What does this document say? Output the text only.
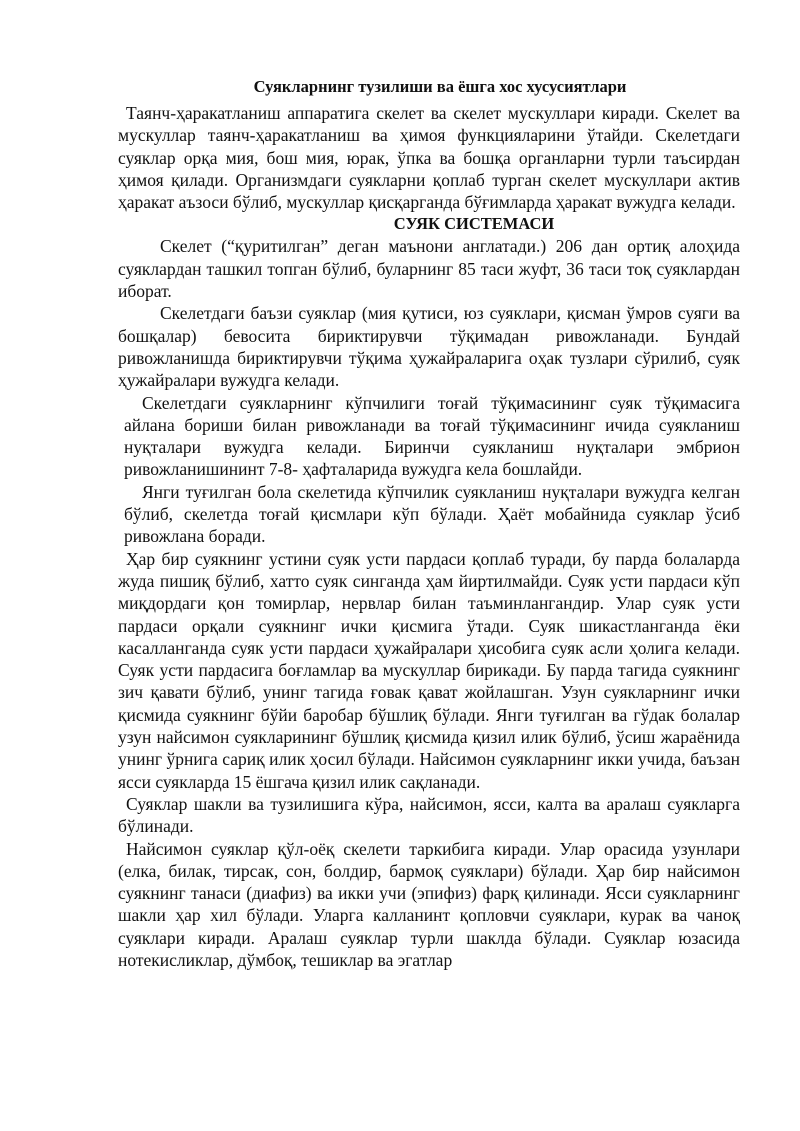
Суякларнинг тузилиши ва ёшга хос хусусиятлари

Таянч-ҳаракатланиш аппаратига скелет ва скелет мускуллари киради. Скелет ва мускуллар таянч-ҳаракатланиш ва ҳимоя функцияларини ўтайди. Скелетдаги суяклар орқа мия, бош мия, юрак, ўпка ва бошқа органларни турли таъсирдан ҳимоя қилади. Организмдаги суякларни қоплаб турган скелет мускуллари актив ҳаракат аъзоси бўлиб, мускуллар қисқарганда бўғимларда ҳаракат вужудга келади.

СУЯК СИСТЕМАСИ

Скелет (“қуритилган” деган маънони англатади.) 206 дан ортиқ алоҳида суяклардан ташкил топган бўлиб, буларнинг 85 таси жуфт, 36 таси тоқ суяклардан иборат.

Скелетдаги баъзи суяклар (мия қутиси, юз суяклари, қисман ўмров суяги ва бошқалар) бевосита бириктирувчи тўқимадан ривожланади. Бундай ривожланишда бириктирувчи тўқима ҳужайраларига оҳак тузлари сўрилиб, суяк ҳужайралари вужудга келади.

Скелетдаги суякларнинг кўпчилиги тоғай тўқимасининг суяк тўқимасига айлана бориши билан ривожланади ва тоғай тўқимасининг ичида суякланиш нуқталари вужудга келади. Биринчи суякланиш нуқталари эмбрион ривожланишининт 7-8- ҳафталарида вужудга кела бошлайди.

Янги туғилган бола скелетида кўпчилик суякланиш нуқталари вужудга келган бўлиб, скелетда тоғай қисмлари кўп бўлади. Ҳаёт мобайнида суяклар ўсиб ривожлана боради.

Ҳар бир суякнинг устини суяк усти пардаси қоплаб туради, бу парда болаларда жуда пишиқ бўлиб, хатто суяк синганда ҳам йиртилмайди. Суяк усти пардаси кўп миқдордаги қон томирлар, нервлар билан таъминлангандир. Улар суяк усти пардаси орқали суякнинг ички қисмига ўтади. Суяк шикастланганда ёки касалланганда суяк усти пардаси ҳужайралари ҳисобига суяк асли ҳолига келади. Суяк усти пардасига боғламлар ва мускуллар бирикади. Бу парда тагида суякнинг зич қавати бўлиб, унинг тагида ғовак қават жойлашган. Узун суякларнинг ички қисмида суякнинг бўйи баробар бўшлиқ бўлади. Янги туғилган ва гўдак болалар узун найсимон суякларининг бўшлиқ қисмида қизил илик бўлиб, ўсиш жараёнида унинг ўрнига сариқ илик ҳосил бўлади. Найсимон суякларнинг икки учида, баъзан ясси суякларда 15 ёшгача қизил илик сақланади.

Суяклар шакли ва тузилишига кўра, найсимон, ясси, калта ва аралаш суякларга бўлинади.

Найсимон суяклар қўл-оёқ скелети таркибига киради. Улар орасида узунлари (елка, билак, тирсак, сон, болдир, бармоқ суяклари) бўлади. Ҳар бир найсимон суякнинг танаси (диафиз) ва икки учи (эпифиз) фарқ қилинади. Ясси суякларнинг шакли ҳар хил бўлади. Уларга калланинт қопловчи суяклари, курак ва чаноқ суяклари киради. Аралаш суяклар турли шаклда бўлади. Суяклар юзасида нотекисликлар, дўмбоқ, тешиклар ва эгатлар
